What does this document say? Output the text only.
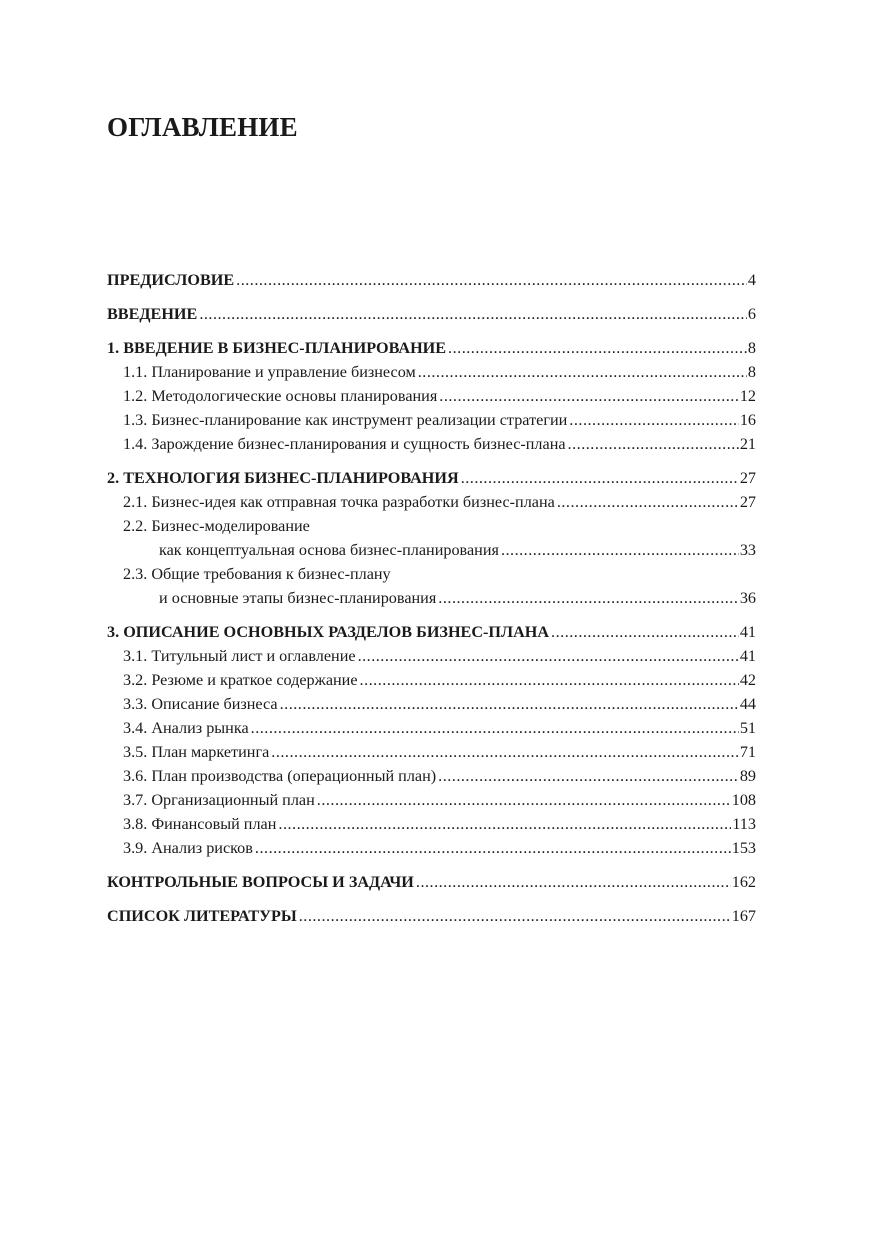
ОГЛАВЛЕНИЕ
ПРЕДИСЛОВИЕ .....	4
ВВЕДЕНИЕ .....	6
1. ВВЕДЕНИЕ В БИЗНЕС-ПЛАНИРОВАНИЕ .....	8
1.1. Планирование и управление бизнесом .....	8
1.2. Методологические основы планирования .....	12
1.3. Бизнес-планирование как инструмент реализации стратегии .....	16
1.4. Зарождение бизнес-планирования и сущность бизнес-плана .....	21
2. ТЕХНОЛОГИЯ БИЗНЕС-ПЛАНИРОВАНИЯ .....	27
2.1. Бизнес-идея как отправная точка разработки бизнес-плана .....	27
2.2. Бизнес-моделирование
как концептуальная основа бизнес-планирования .....	33
2.3. Общие требования к бизнес-плану
и основные этапы бизнес-планирования .....	36
3. ОПИСАНИЕ ОСНОВНЫХ РАЗДЕЛОВ БИЗНЕС-ПЛАНА .....	41
3.1. Титульный лист и оглавление .....	41
3.2. Резюме и краткое содержание .....	42
3.3. Описание бизнеса .....	44
3.4. Анализ рынка .....	51
3.5. План маркетинга .....	71
3.6. План производства (операционный план) .....	89
3.7. Организационный план .....	108
3.8. Финансовый план .....	113
3.9. Анализ рисков .....	153
КОНТРОЛЬНЫЕ ВОПРОСЫ И ЗАДАЧИ .....	162
СПИСОК ЛИТЕРАТУРЫ .....	167
